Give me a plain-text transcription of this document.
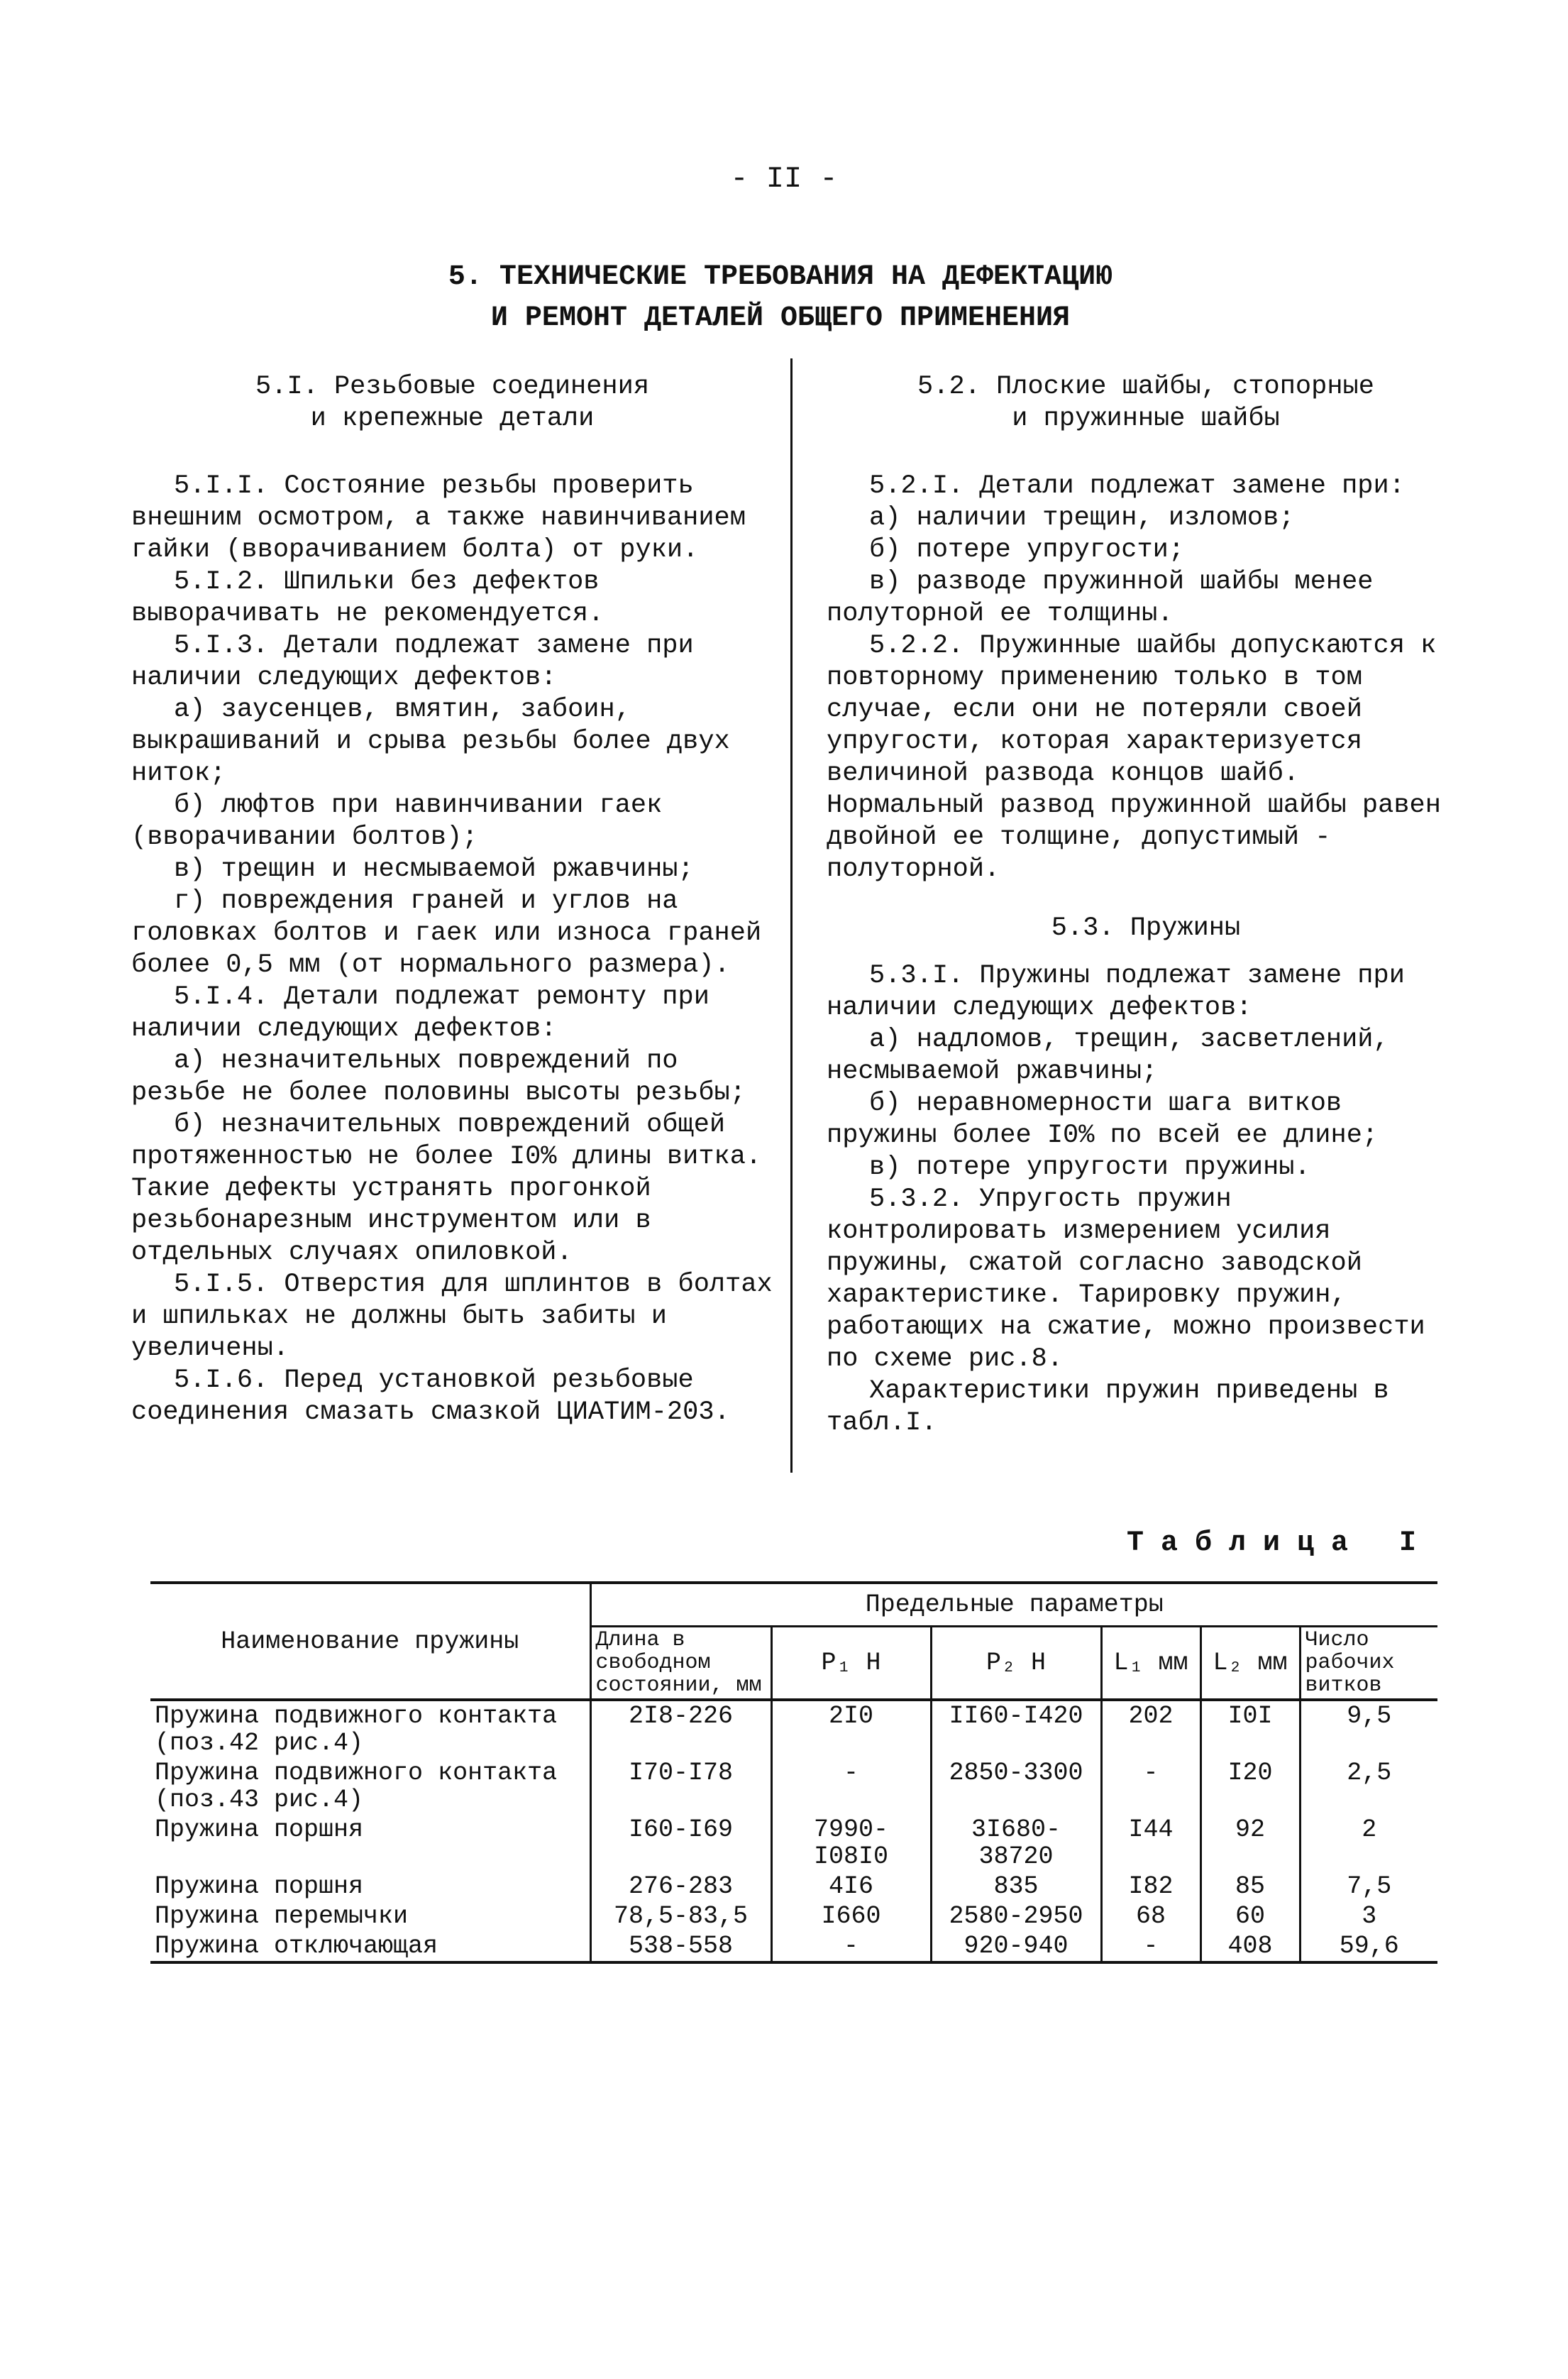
- II -
5. ТЕХНИЧЕСКИЕ ТРЕБОВАНИЯ НА ДЕФЕКТАЦИЮ
И РЕМОНТ ДЕТАЛЕЙ ОБЩЕГО ПРИМЕНЕНИЯ

5.I. Резьбовые соединения

и крепежные детали

5.I.I. Состояние резьбы проверить внешним осмотром, а также навинчиванием гайки (вворачиванием болта) от руки.

5.I.2. Шпильки без дефектов выворачивать не рекомендуется.

5.I.3. Детали подлежат замене при наличии следующих дефектов:

а) заусенцев, вмятин, забоин, выкрашиваний и срыва резьбы более двух ниток;

б) люфтов при навинчивании гаек (вворачивании болтов);

в) трещин и несмываемой ржавчины;

г) повреждения граней и углов на головках болтов и гаек или износа граней более 0,5 мм (от нормального размера).

5.I.4. Детали подлежат ремонту при наличии следующих дефектов:

а) незначительных повреждений по резьбе не более половины высоты резьбы;

б) незначительных повреждений общей протяженностью не более I0% длины витка. Такие дефекты устранять прогонкой резьбонарезным инструментом или в отдельных случаях опиловкой.

5.I.5. Отверстия для шплинтов в болтах и шпильках не должны быть забиты и увеличены.

5.I.6. Перед установкой резьбовые соединения смазать смазкой ЦИАТИМ-203.

5.2. Плоские шайбы, стопорные

и пружинные шайбы

5.2.I. Детали подлежат замене при:

а) наличии трещин, изломов;

б) потере упругости;

в) разводе пружинной шайбы менее полуторной ее толщины.

5.2.2. Пружинные шайбы допускаются к повторному применению только в том случае, если они не потеряли своей упругости, которая характеризуется величиной развода концов шайб. Нормальный развод пружинной шайбы равен двойной ее толщине, допустимый - полуторной.

5.3. Пружины

5.3.I. Пружины подлежат замене при наличии следующих дефектов:

а) надломов, трещин, засветлений, несмываемой ржавчины;

б) неравномерности шага витков пружины более I0% по всей ее длине;

в) потере упругости пружины.

5.3.2. Упругость пружин контролировать измерением усилия пружины, сжатой согласно заводской характеристике. Тарировку пружин, работающих на сжатие, можно произвести по схеме рис.8.

Характеристики пружин приведены в табл.I.

Таблица I
Наименование пружины	Предельные параметры					
	Длина в свободном состоянии, мм	P₁ Н	P₂ Н	L₁ мм	L₂ мм	Число рабочих витков
Пружина подвижного контакта (поз.42 рис.4)	2I8-226	2I0	II60-I420	202	I0I	9,5
Пружина подвижного контакта (поз.43 рис.4)	I70-I78	-	2850-3300	-	I20	2,5
Пружина поршня	I60-I69	7990-I08I0	3I680-38720	I44	92	2
Пружина поршня	276-283	4I6	835	I82	85	7,5
Пружина перемычки	78,5-83,5	I660	2580-2950	68	60	3
Пружина отключающая	538-558	-	920-940	-	408	59,6
